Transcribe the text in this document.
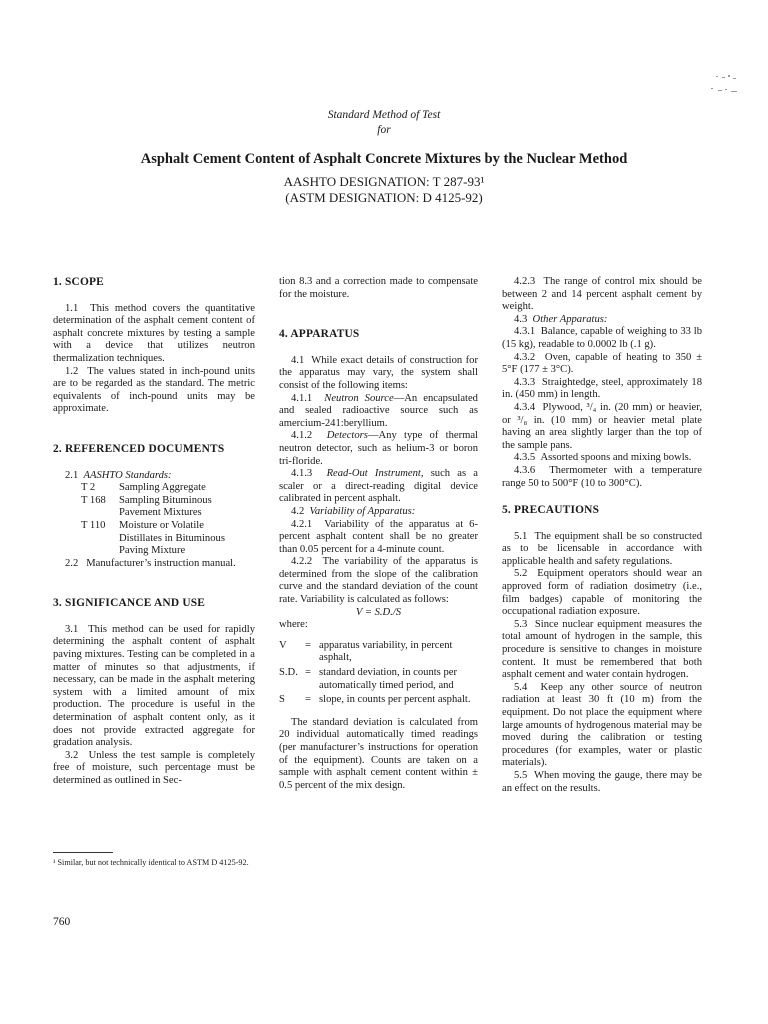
Standard Method of Test
for
Asphalt Cement Content of Asphalt Concrete Mixtures by the Nuclear Method
AASHTO DESIGNATION: T 287-93¹
(ASTM DESIGNATION: D 4125-92)

1. SCOPE

1.1 This method covers the quantitative determination of the asphalt cement content of asphalt concrete mixtures by testing a sample with a device that utilizes neutron thermalization techniques.

1.2 The values stated in inch-pound units are to be regarded as the standard. The metric equivalents of inch-pound units may be approximate.

2. REFERENCED DOCUMENTS

2.1 AASHTO Standards:

T 2	Sampling Aggregate
T 168	Sampling Bituminous
Pavement Mixtures
T 110	Moisture or Volatile
Distillates in Bituminous Paving Mixture

2.2 Manufacturer’s instruction manual.

3. SIGNIFICANCE AND USE

3.1 This method can be used for rapidly determining the asphalt content of asphalt paving mixtures. Testing can be completed in a matter of minutes so that adjustments, if necessary, can be made in the asphalt metering system with a limited amount of mix production. The procedure is useful in the determination of asphalt content only, as it does not provide extracted aggregate for gradation analysis.

3.2 Unless the test sample is completely free of moisture, such percentage must be determined as outlined in Sec-

tion 8.3 and a correction made to compensate for the moisture.

4. APPARATUS

4.1 While exact details of construction for the apparatus may vary, the system shall consist of the following items:

4.1.1 Neutron Source—An encapsulated and sealed radioactive source such as amercium-241:beryllium.

4.1.2 Detectors—Any type of thermal neutron detector, such as helium-3 or boron tri-floride.

4.1.3 Read-Out Instrument, such as a scaler or a direct-reading digital device calibrated in percent asphalt.

4.2 Variability of Apparatus:

4.2.1 Variability of the apparatus at 6-percent asphalt content shall be no greater than 0.05 percent for a 4-minute count.

4.2.2 The variability of the apparatus is determined from the slope of the calibration curve and the standard deviation of the count rate. Variability is calculated as follows:

V = S.D./S

where:

V	= apparatus variability, in percent asphalt,
S.D. = standard deviation, in counts per automatically timed period, and
S	= slope, in counts per percent asphalt.

The standard deviation is calculated from 20 individual automatically timed readings (per manufacturer’s instructions for operation of the equipment). Counts are taken on a sample with asphalt cement content within ± 0.5 percent of the mix design.

4.2.3 The range of control mix should be between 2 and 14 percent asphalt cement by weight.

4.3 Other Apparatus:

4.3.1 Balance, capable of weighing to 33 lb (15 kg), readable to 0.0002 lb (.1 g).

4.3.2 Oven, capable of heating to 350 ± 5°F (177 ± 3°C).

4.3.3 Straightedge, steel, approximately 18 in. (450 mm) in length.

4.3.4 Plywood, ³/₄ in. (20 mm) or heavier, or ³/₈ in. (10 mm) or heavier metal plate having an area slightly larger than the top of the sample pans.

4.3.5 Assorted spoons and mixing bowls.

4.3.6 Thermometer with a temperature range 50 to 500°F (10 to 300°C).

5. PRECAUTIONS

5.1 The equipment shall be so constructed as to be licensable in accordance with applicable health and safety regulations.

5.2 Equipment operators should wear an approved form of radiation dosimetry (i.e., film badges) capable of monitoring the occupational radiation exposure.

5.3 Since nuclear equipment measures the total amount of hydrogen in the sample, this procedure is sensitive to changes in moisture content. It must be remembered that both asphalt cement and water contain hydrogen.

5.4 Keep any other source of neutron radiation at least 30 ft (10 m) from the equipment. Do not place the equipment where large amounts of hydrogenous material may be moved during the calibration or testing procedures (for examples, water or plastic materials).

5.5 When moving the gauge, there may be an effect on the results.

¹ Similar, but not technically identical to ASTM D 4125-92.
760
